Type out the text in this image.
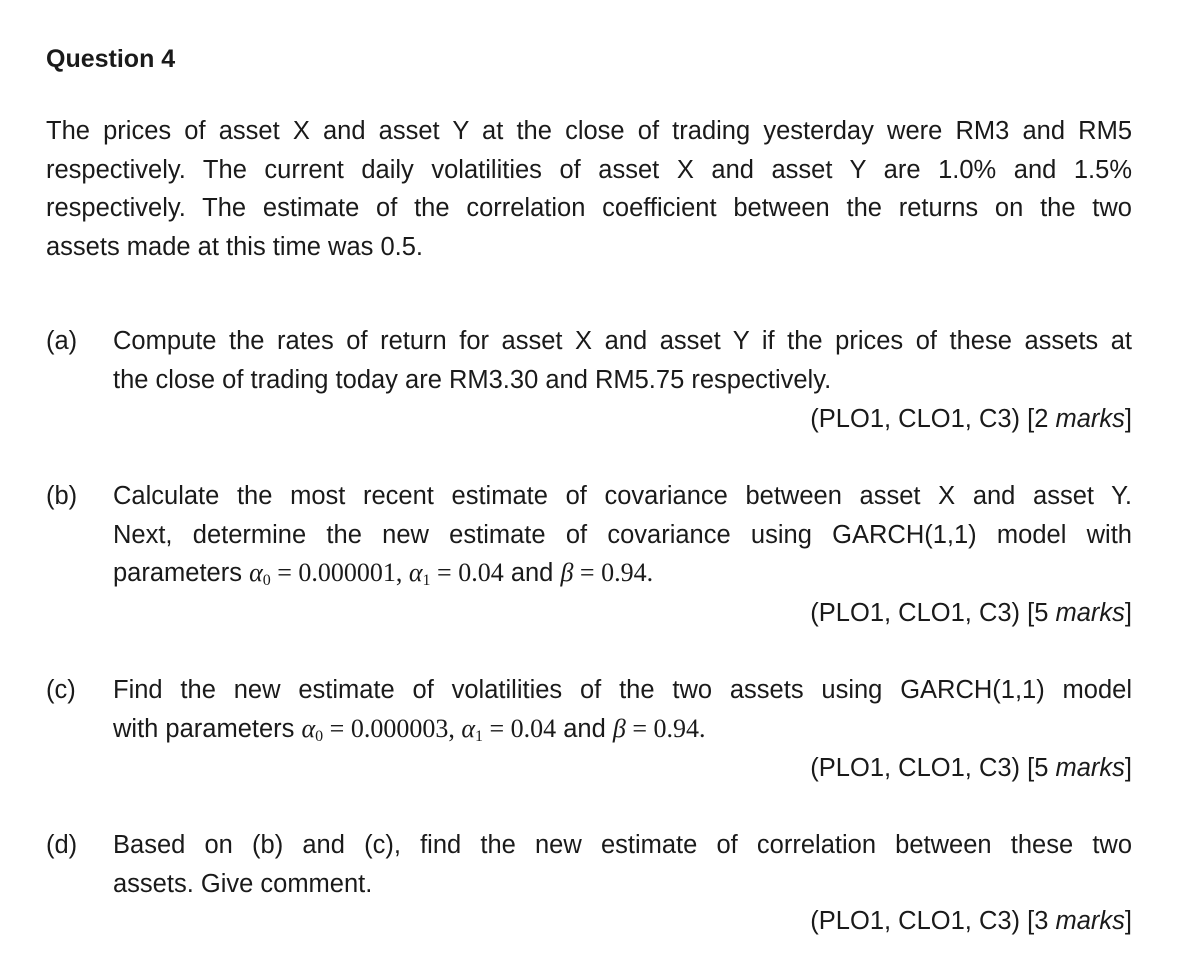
Question 4
The prices of asset X and asset Y at the close of trading yesterday were RM3 and RM5
respectively. The current daily volatilities of asset X and asset Y are 1.0% and 1.5%
respectively. The estimate of the correlation coefficient between the returns on the two
assets made at this time was 0.5.
(a) Compute the rates of return for asset X and asset Y if the prices of these assets at
the close of trading today are RM3.30 and RM5.75 respectively.
(PLO1, CLO1, C3) [2 marks]
(b) Calculate the most recent estimate of covariance between asset X and asset Y.
Next, determine the new estimate of covariance using GARCH(1,1) model with
parameters $\alpha_0 = 0.000001$, $\alpha_1 = 0.04$ and β = 0.94.
(PLO1, CLO1, C3) [5 marks]
(c) Find the new estimate of volatilities of the two assets using GARCH(1,1) model
with parameters $\alpha_0 = 0.000003$, $\alpha_1 = 0.04$ and β = 0.94.
(PLO1, CLO1, C3) [5 marks]
(d) Based on (b) and (c), find the new estimate of correlation between these two
assets. Give comment.
(PLO1, CLO1, C3) [3 marks]
